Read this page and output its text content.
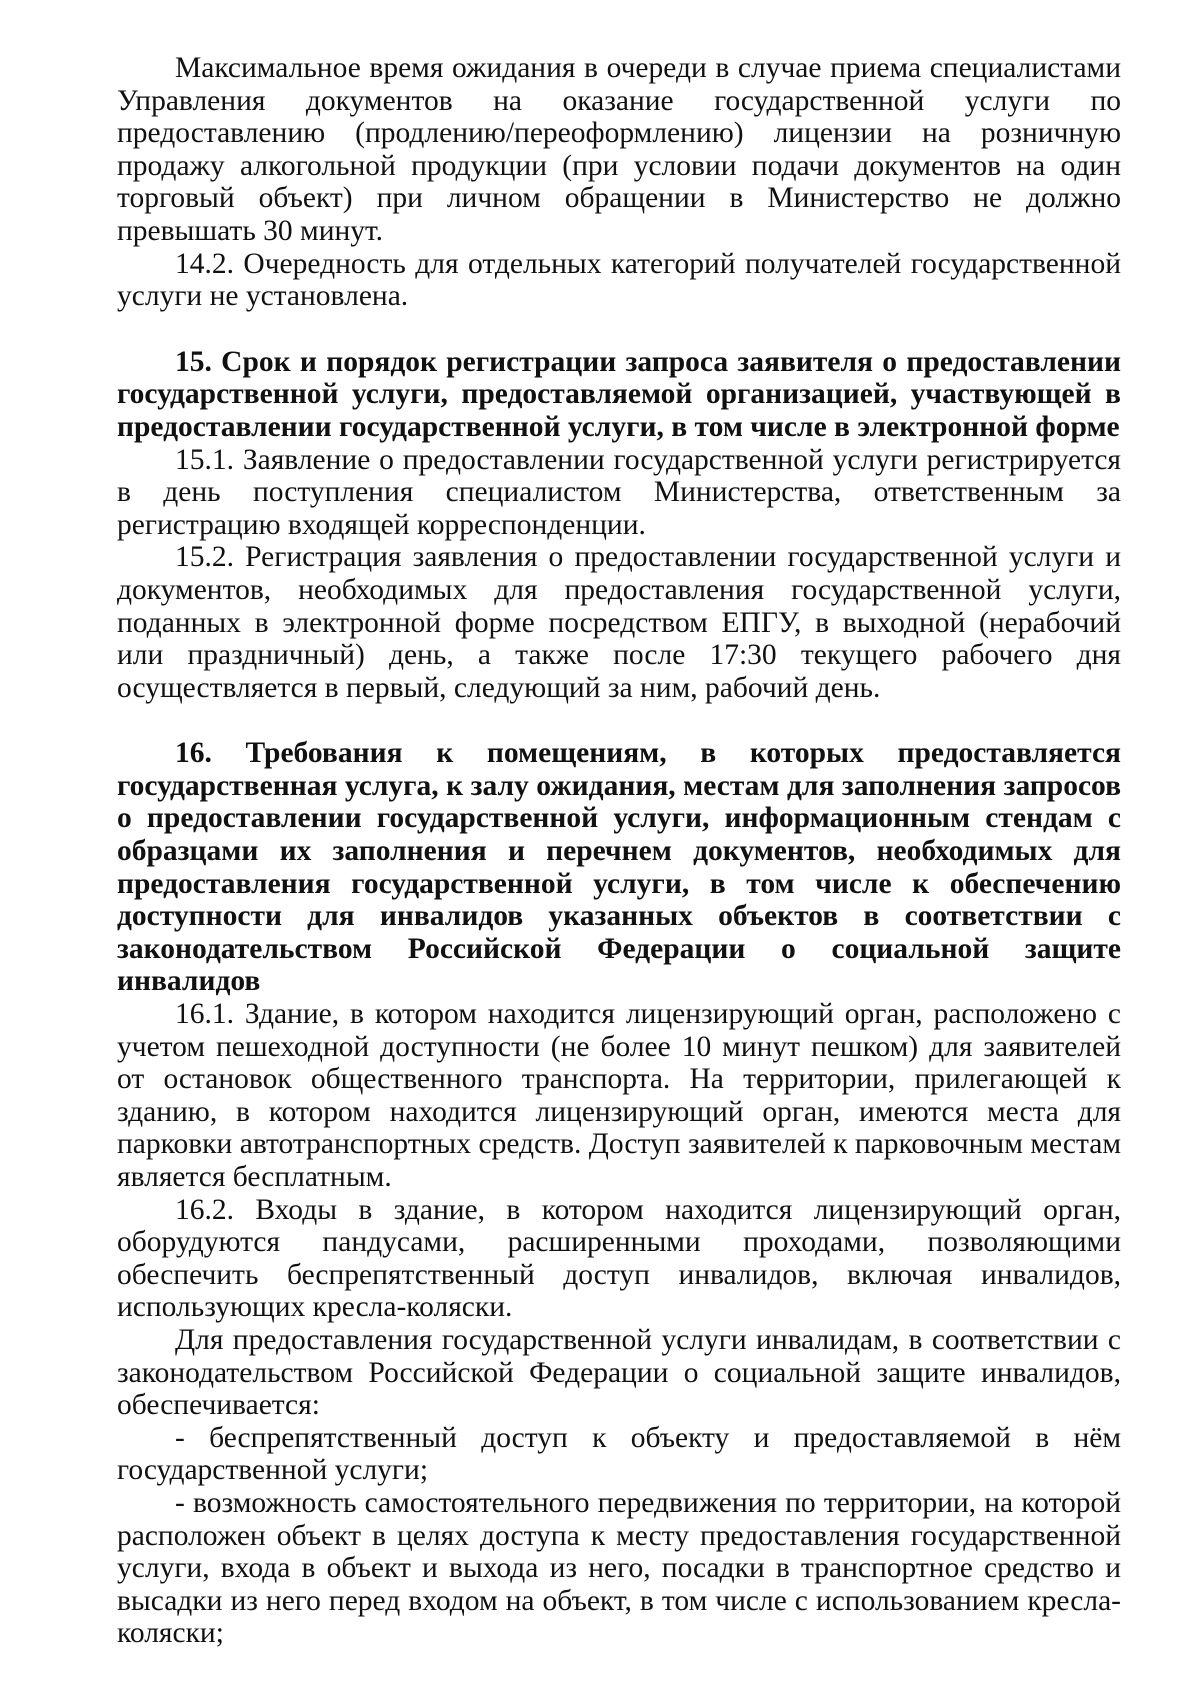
Максимальное время ожидания в очереди в случае приема специалистами Управления документов на оказание государственной услуги по предоставлению (продлению/переоформлению) лицензии на розничную продажу алкогольной продукции (при условии подачи документов на один торговый объект) при личном обращении в Министерство не должно превышать 30 минут.

14.2. Очередность для отдельных категорий получателей государственной услуги не установлена.

15. Срок и порядок регистрации запроса заявителя о предоставлении государственной услуги, предоставляемой организацией, участвующей в предоставлении государственной услуги, в том числе в электронной форме

15.1. Заявление о предоставлении государственной услуги регистрируется в день поступления специалистом Министерства, ответственным за регистрацию входящей корреспонденции.

15.2. Регистрация заявления о предоставлении государственной услуги и документов, необходимых для предоставления государственной услуги, поданных в электронной форме посредством ЕПГУ, в выходной (нерабочий или праздничный) день, а также после 17:30 текущего рабочего дня осуществляется в первый, следующий за ним, рабочий день.

16. Требования к помещениям, в которых предоставляется государственная услуга, к залу ожидания, местам для заполнения запросов о предоставлении государственной услуги, информационным стендам с образцами их заполнения и перечнем документов, необходимых для предоставления государственной услуги, в том числе к обеспечению доступности для инвалидов указанных объектов в соответствии с законодательством Российской Федерации о социальной защите инвалидов

16.1. Здание, в котором находится лицензирующий орган, расположено с учетом пешеходной доступности (не более 10 минут пешком) для заявителей от остановок общественного транспорта. На территории, прилегающей к зданию, в котором находится лицензирующий орган, имеются места для парковки автотранспортных средств. Доступ заявителей к парковочным местам является бесплатным.

16.2. Входы в здание, в котором находится лицензирующий орган, оборудуются пандусами, расширенными проходами, позволяющими обеспечить беспрепятственный доступ инвалидов, включая инвалидов, использующих кресла-коляски.

Для предоставления государственной услуги инвалидам, в соответствии с законодательством Российской Федерации о социальной защите инвалидов, обеспечивается:

- беспрепятственный доступ к объекту и предоставляемой в нём государственной услуги;

- возможность самостоятельного передвижения по территории, на которой расположен объект в целях доступа к месту предоставления государственной услуги, входа в объект и выхода из него, посадки в транспортное средство и высадки из него перед входом на объект, в том числе с использованием кресла-коляски;
